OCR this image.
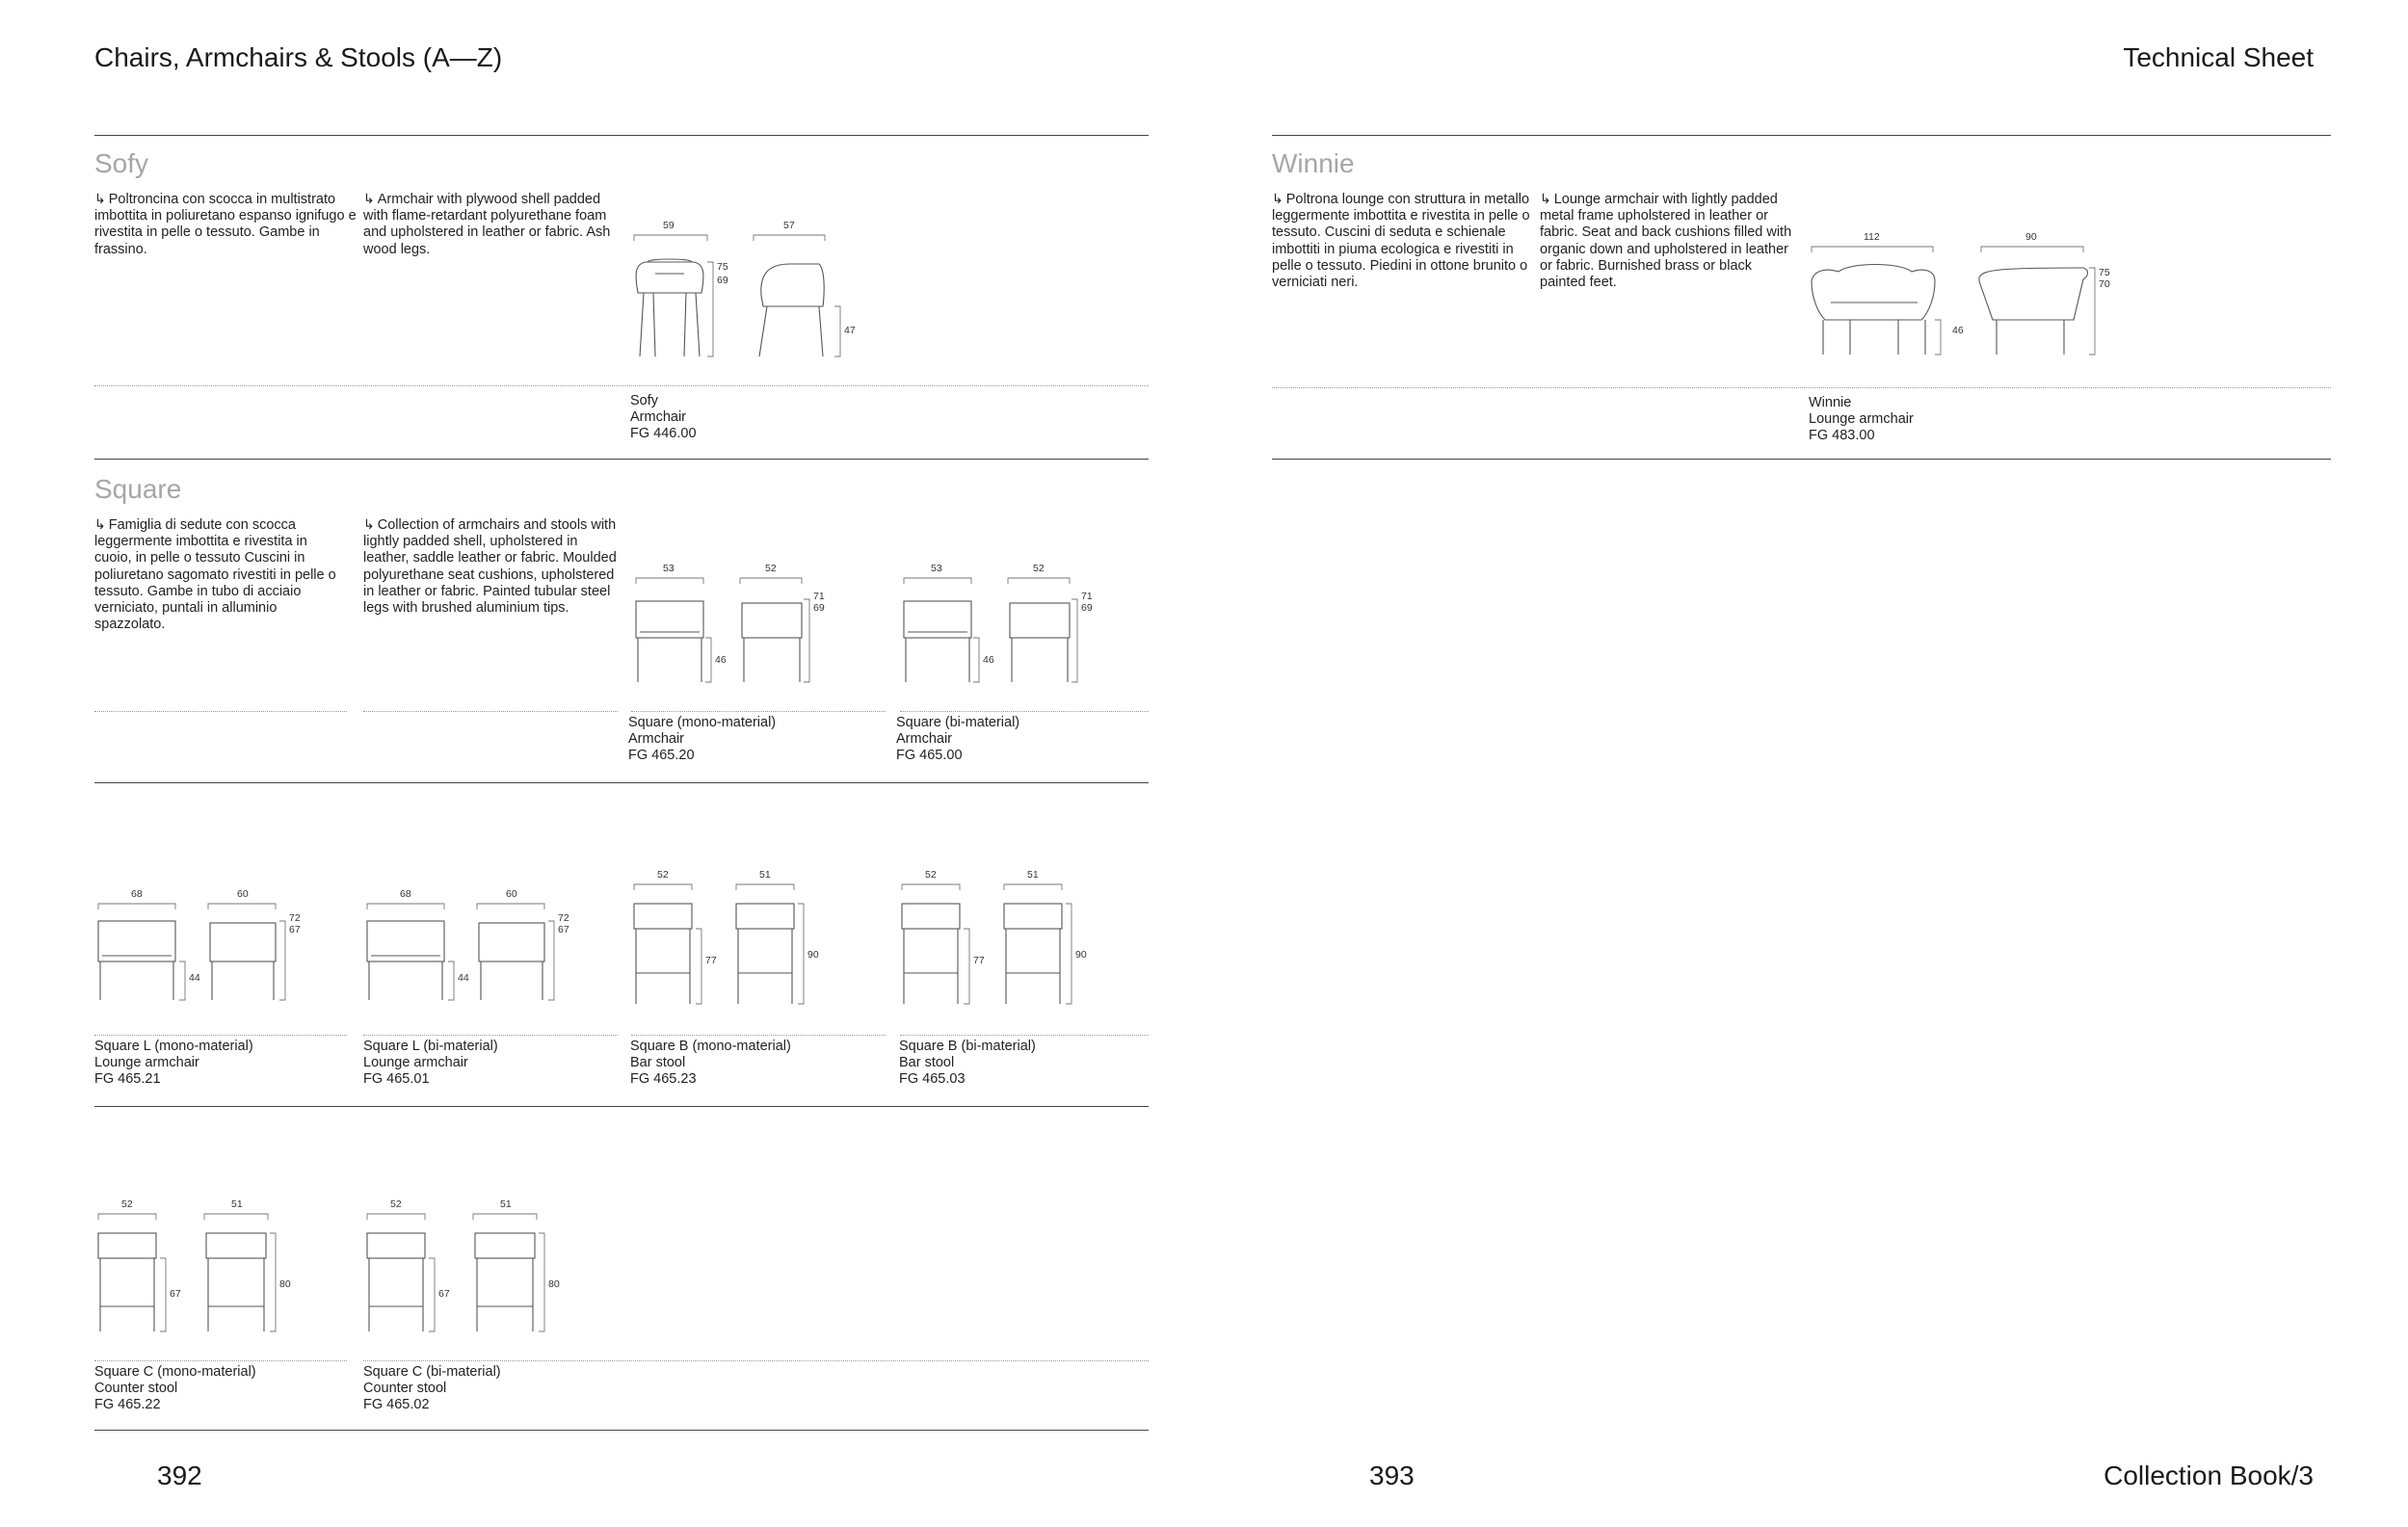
Chairs, Armchairs & Stools (A—Z)	Technical Sheet
Sofy
↳ Poltroncina con scocca in multistrato imbottita in poliuretano espanso ignifugo e rivestita in pelle o tessuto. Gambe in frassino.
↳ Armchair with plywood shell padded with flame-retardant polyurethane foam and upholstered in leather or fabric. Ash wood legs.
59	57
75
69
47
Sofy
Armchair
FG 446.00
Winnie
↳ Poltrona lounge con struttura in metallo leggermente imbottita e rivestita in pelle o tessuto. Cuscini di seduta e schienale imbottiti in piuma ecologica e rivestiti in pelle o tessuto. Piedini in ottone brunito o verniciati neri.
↳ Lounge armchair with lightly padded metal frame upholstered in leather or fabric. Seat and back cushions filled with organic down and upholstered in leather or fabric. Burnished brass or black painted feet.
112	90
46
75
70
Winnie
Lounge armchair
FG 483.00
Square
↳ Famiglia di sedute con scocca leggermente imbottita e rivestita in cuoio, in pelle o tessuto Cuscini in poliuretano sagomato rivestiti in pelle o tessuto. Gambe in tubo di acciaio verniciato, puntali in alluminio spazzolato.
↳ Collection of armchairs and stools with lightly padded shell, upholstered in leather, saddle leather or fabric. Moulded polyurethane seat cushions, upholstered in leather or fabric. Painted tubular steel legs with brushed aluminium tips.
53	52
46
71
69
Square (mono-material)
Armchair
FG 465.20
53	52
46
71
69
Square (bi-material)
Armchair
FG 465.00
68	60
44
72
67
Square L (mono-material)
Lounge armchair
FG 465.21
68	60
44
72
67
Square L (bi-material)
Lounge armchair
FG 465.01
52	51
77	90
Square B (mono-material)
Bar stool
FG 465.23
52	51
77	90
Square B (bi-material)
Bar stool
FG 465.03
52	51
67
80
Square C (mono-material)
Counter stool
FG 465.22
52	51
67
80
Square C (bi-material)
Counter stool
FG 465.02
392	393	Collection Book/3
